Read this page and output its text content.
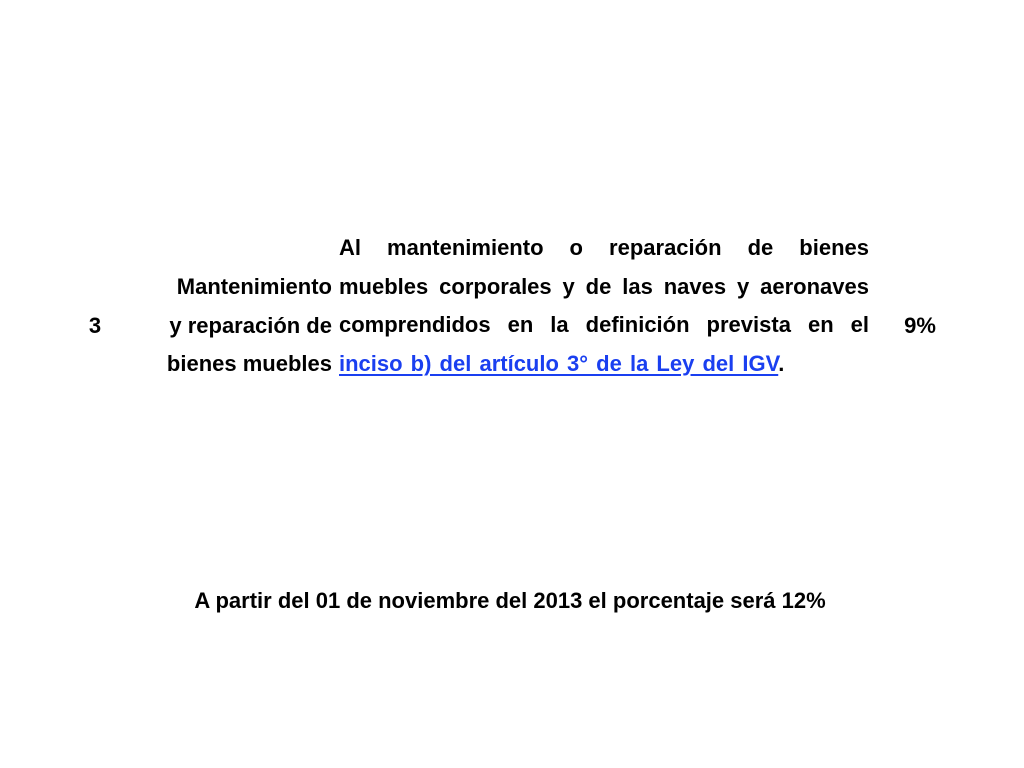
3
Mantenimiento
y reparación de
bienes muebles
Al mantenimiento o reparación de bienes muebles corporales y de las naves y aeronaves comprendidos en la definición prevista en el inciso b) del artículo 3° de la Ley del IGV.
9%
A partir del 01 de noviembre del 2013 el porcentaje será 12%
